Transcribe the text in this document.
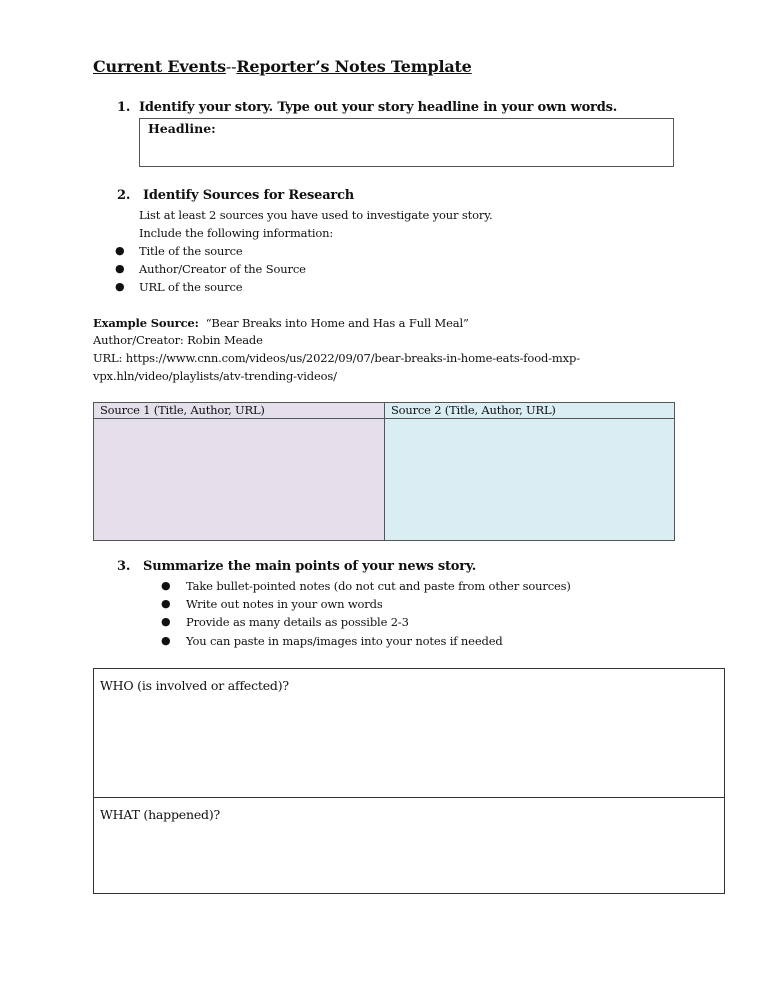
Current Events--Reporter’s Notes Template
1. Identify your story. Type out your story headline in your own words.
Headline:
2. Identify Sources for Research
List at least 2 sources you have used to investigate your story.
Include the following information:
● Title of the source
● Author/Creator of the Source
● URL of the source
Example Source: “Bear Breaks into Home and Has a Full Meal”
Author/Creator: Robin Meade
URL: https://www.cnn.com/videos/us/2022/09/07/bear-breaks-in-home-eats-food-mxp-
vpx.hln/video/playlists/atv-trending-videos/
Source 1 (Title, Author, URL)	Source 2 (Title, Author, URL)
3. Summarize the main points of your news story.
● Take bullet-pointed notes (do not cut and paste from other sources)
● Write out notes in your own words
● Provide as many details as possible 2-3
● You can paste in maps/images into your notes if needed
WHO (is involved or affected)?
WHAT (happened)?
